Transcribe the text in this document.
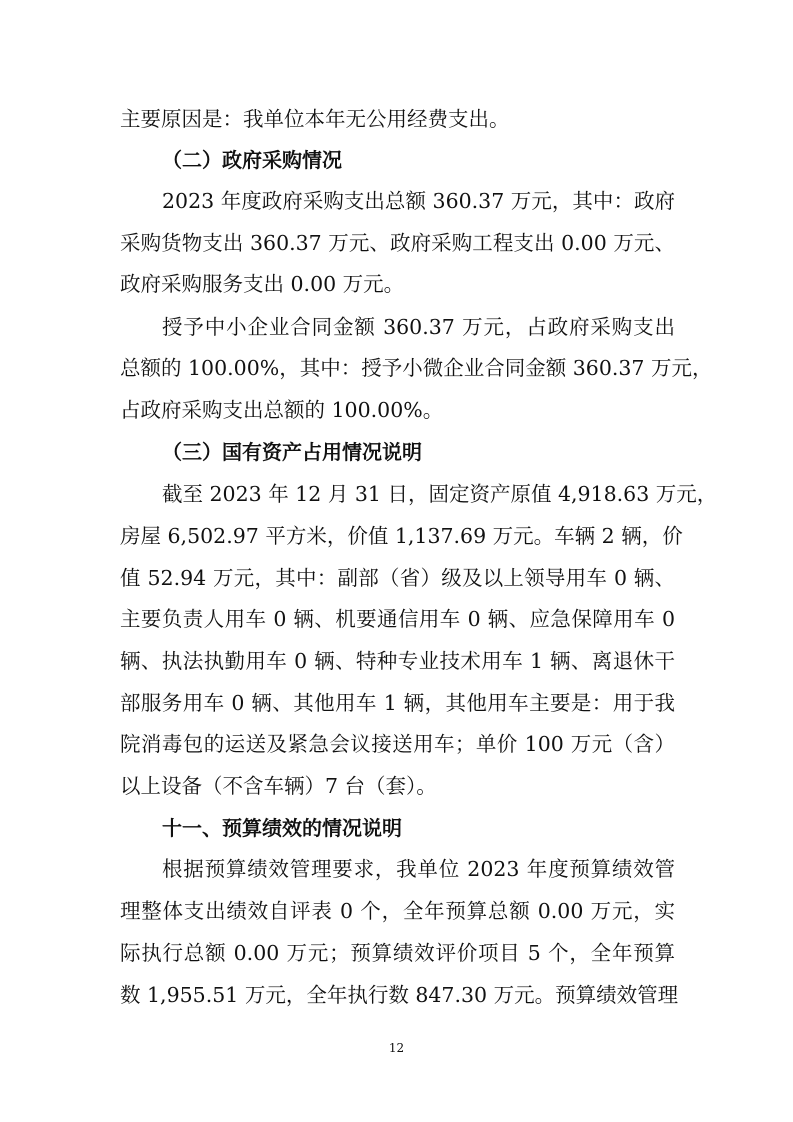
主要原因是：我单位本年无公用经费支出。
（二）政府采购情况
2023 年度政府采购支出总额 360.37 万元，其中：政府
采购货物支出 360.37 万元、政府采购工程支出 0.00 万元、
政府采购服务支出 0.00 万元。
授予中小企业合同金额 360.37 万元，占政府采购支出
总额的 100.00%，其中：授予小微企业合同金额 360.37 万元，
占政府采购支出总额的 100.00%。
（三）国有资产占用情况说明
截至 2023 年 12 月 31 日，固定资产原值 4,918.63 万元，
房屋 6,502.97 平方米，价值 1,137.69 万元。车辆 2 辆，价
值 52.94 万元，其中：副部（省）级及以上领导用车 0 辆、
主要负责人用车 0 辆、机要通信用车 0 辆、应急保障用车 0
辆、执法执勤用车 0 辆、特种专业技术用车 1 辆、离退休干
部服务用车 0 辆、其他用车 1 辆，其他用车主要是：用于我
院消毒包的运送及紧急会议接送用车；单价 100 万元（含）
以上设备（不含车辆）7 台（套）。
十一、预算绩效的情况说明
根据预算绩效管理要求，我单位 2023 年度预算绩效管
理整体支出绩效自评表 0 个，全年预算总额 0.00 万元，实
际执行总额 0.00 万元；预算绩效评价项目 5 个，全年预算
数 1,955.51 万元，全年执行数 847.30 万元。预算绩效管理
12
